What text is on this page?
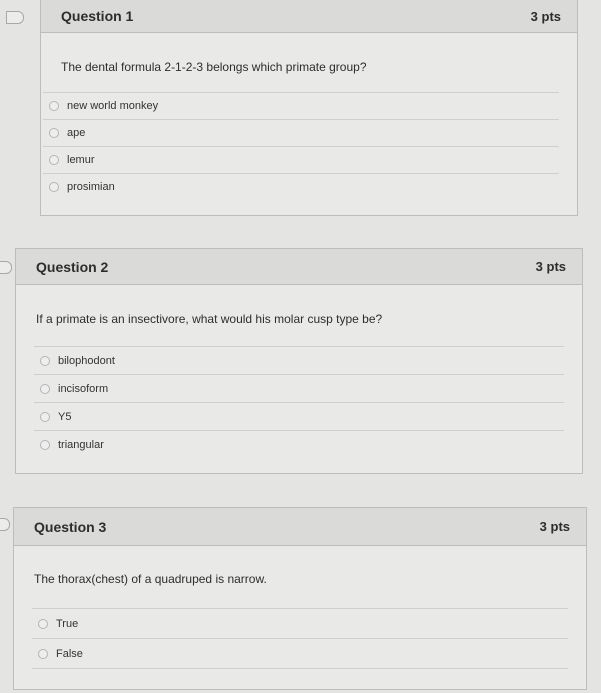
Question 1	3 pts
The dental formula 2-1-2-3 belongs which primate group?
new world monkey
ape
lemur
prosimian
Question 2	3 pts
If a primate is an insectivore, what would his molar cusp type be?
bilophodont
incisoform
Y5
triangular
Question 3	3 pts
The thorax(chest) of a quadruped is narrow.
True
False
